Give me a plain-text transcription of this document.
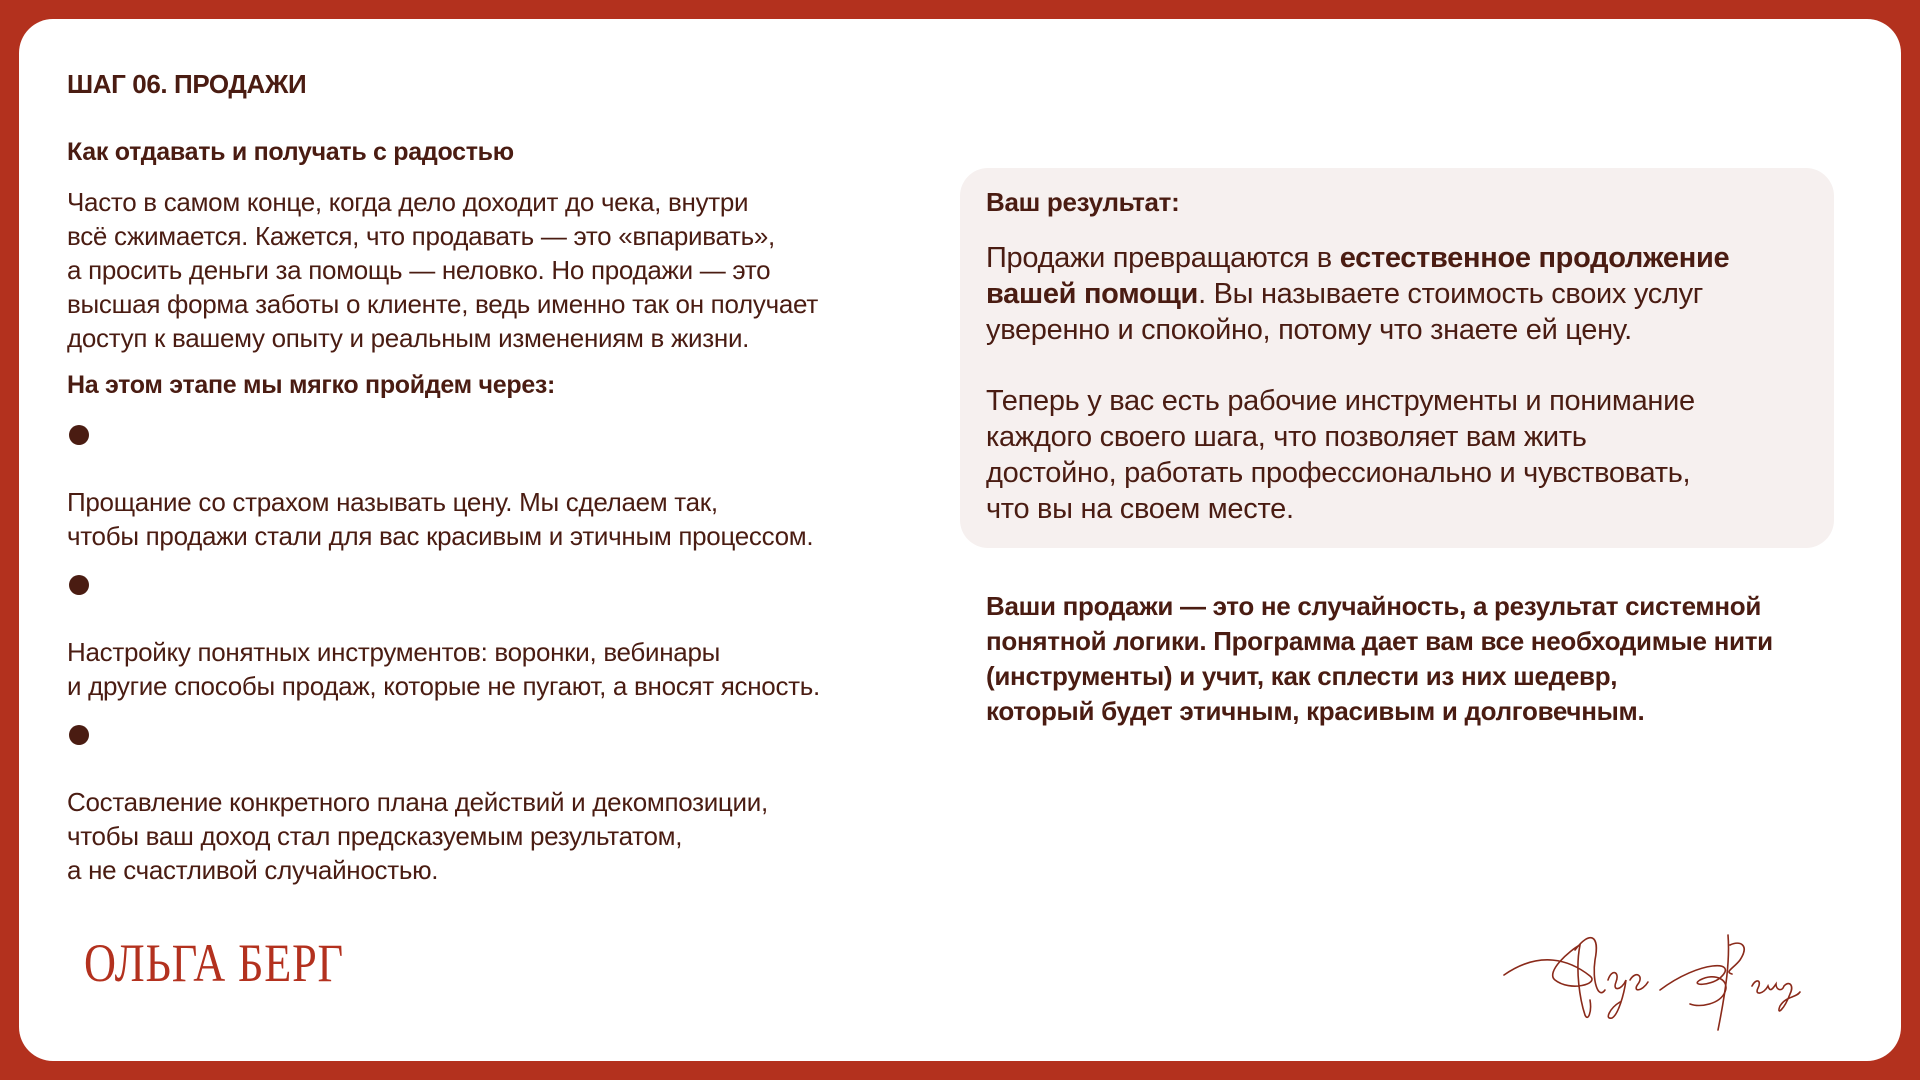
ШАГ 06. ПРОДАЖИ
Как отдавать и получать с радостью

Часто в самом конце, когда дело доходит до чека, внутри
всё сжимается. Кажется, что продавать — это «впаривать»,
а просить деньги за помощь — неловко. Но продажи — это
высшая форма заботы о клиенте, ведь именно так он получает
доступ к вашему опыту и реальным изменениям в жизни.

На этом этапе мы мягко пройдем через:

Прощание со страхом называть цену. Мы сделаем так,
чтобы продажи стали для вас красивым и этичным процессом.

Настройку понятных инструментов: воронки, вебинары
и другие способы продаж, которые не пугают, а вносят ясность.

Составление конкретного плана действий и декомпозиции,
чтобы ваш доход стал предсказуемым результатом,
а не счастливой случайностью.

Ваш результат:

Продажи превращаются в естественное продолжение вашей помощи. Вы называете стоимость своих услуг уверенно и спокойно, потому что знаете ей цену.

Теперь у вас есть рабочие инструменты и понимание
каждого своего шага, что позволяет вам жить
достойно, работать профессионально и чувствовать,
что вы на своем месте.

Ваши продажи — это не случайность, а результат системной
понятной логики. Программа дает вам все необходимые нити
(инструменты) и учит, как сплести из них шедевр,
который будет этичным, красивым и долговечным.

ОЛЬГА БЕРГ
